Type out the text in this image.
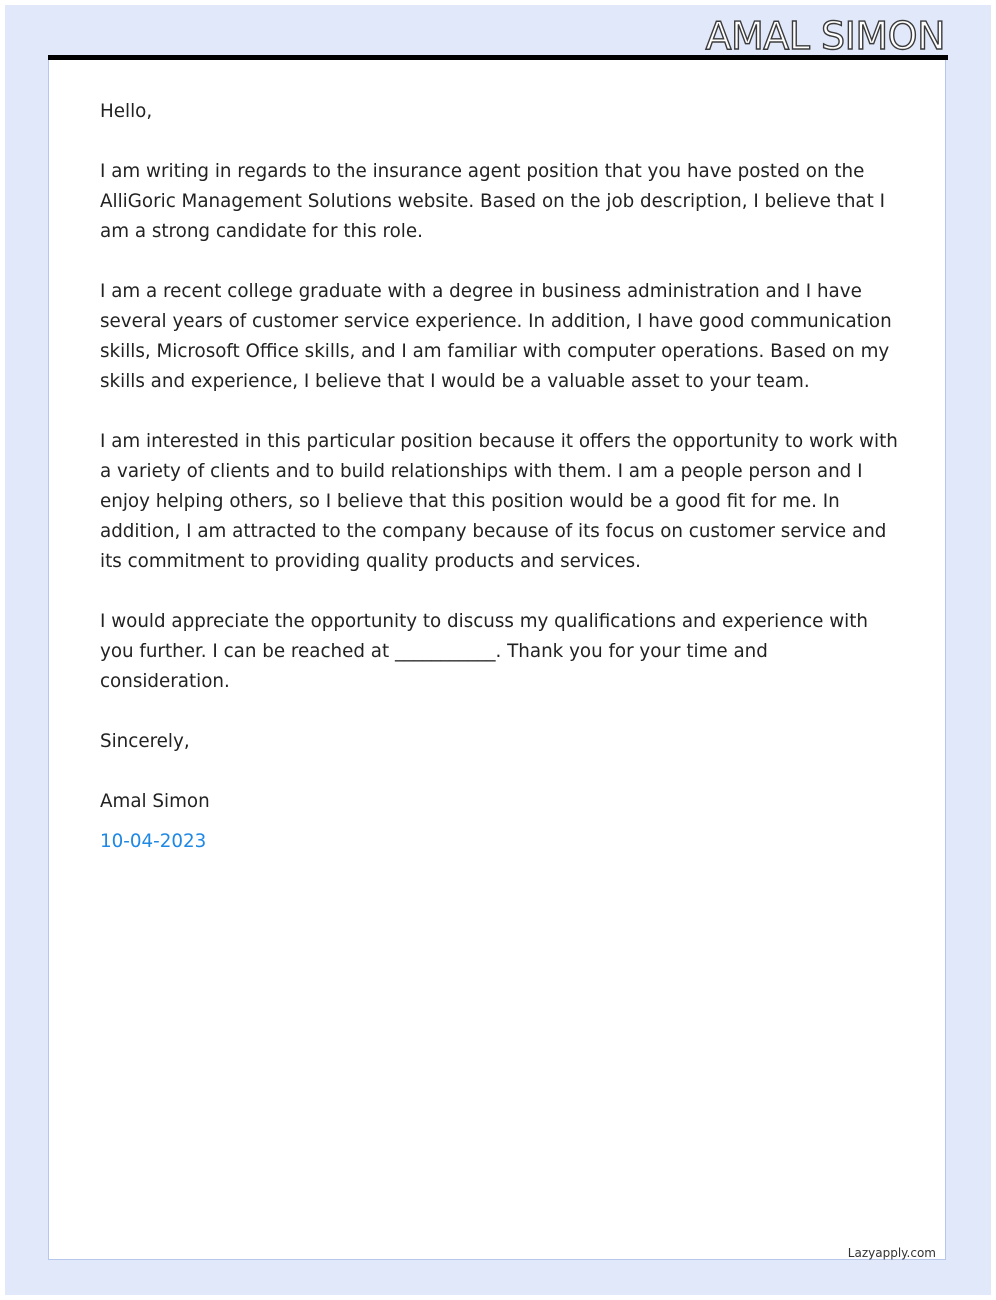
AMAL SIMON

Hello,

I am writing in regards to the insurance agent position that you have posted on the AlliGoric Management Solutions website. Based on the job description, I believe that I am a strong candidate for this role.

I am a recent college graduate with a degree in business administration and I have several years of customer service experience. In addition, I have good communication skills, Microsoft Office skills, and I am familiar with computer operations. Based on my skills and experience, I believe that I would be a valuable asset to your team.

I am interested in this particular position because it offers the opportunity to work with a variety of clients and to build relationships with them. I am a people person and I enjoy helping others, so I believe that this position would be a good fit for me. In addition, I am attracted to the company because of its focus on customer service and its commitment to providing quality products and services.

I would appreciate the opportunity to discuss my qualifications and experience with you further. I can be reached at ___________. Thank you for your time and consideration.

Sincerely,

Amal Simon

10-04-2023

Lazyapply.com
